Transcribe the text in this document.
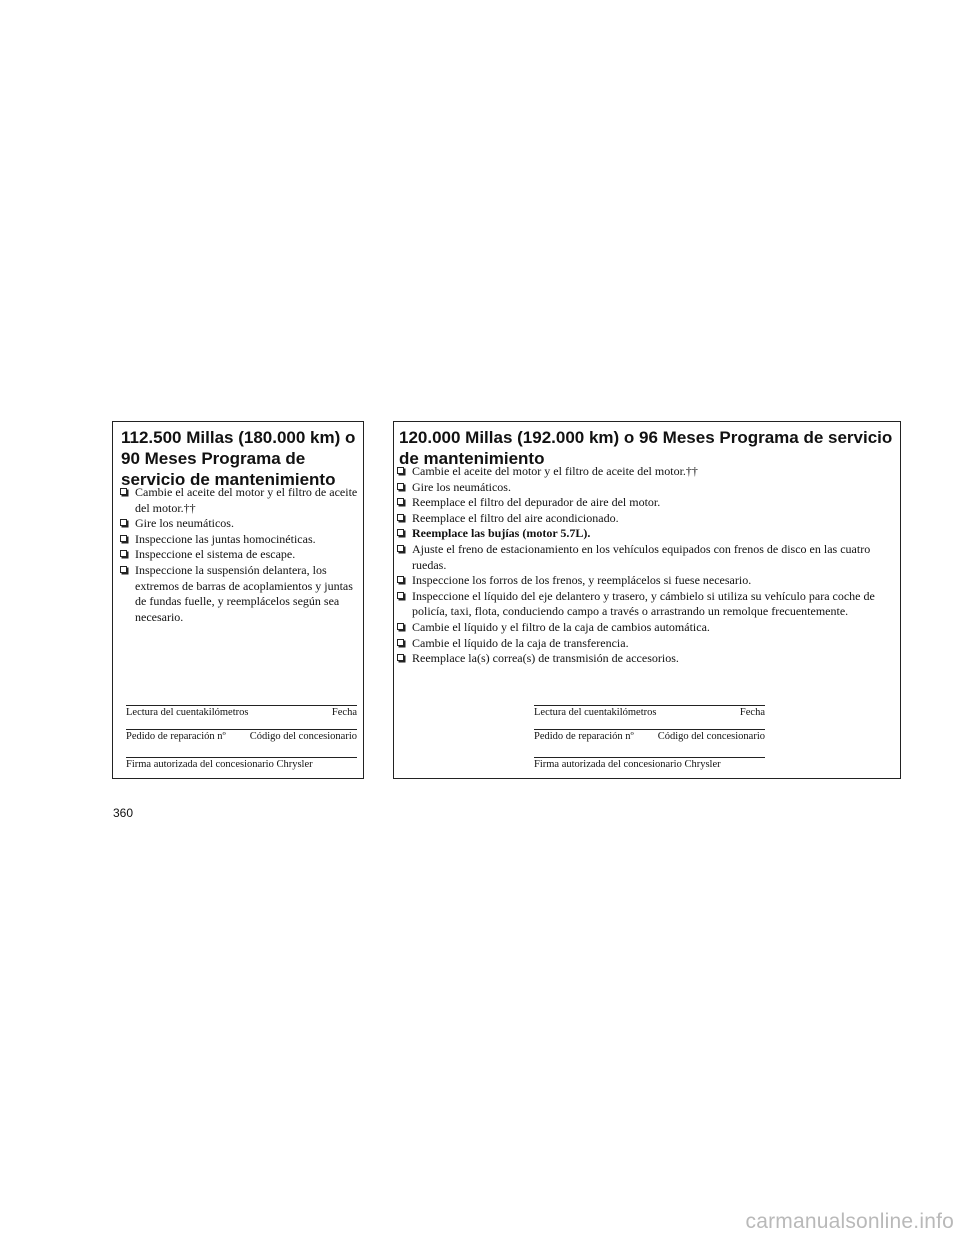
112.500 Millas (180.000 km) o 90 Meses Programa de servicio de mantenimiento
Cambie el aceite del motor y el filtro de aceite del motor.††
Gire los neumáticos.
Inspeccione las juntas homocinéticas.
Inspeccione el sistema de escape.
Inspeccione la suspensión delantera, los extremos de barras de acoplamientos y juntas de fundas fuelle, y reemplácelos según sea necesario.
Lectura del cuentakilómetros	Fecha
Pedido de reparación nº Código del concesionario
Firma autorizada del concesionario Chrysler
120.000 Millas (192.000 km) o 96 Meses Programa de servicio de mantenimiento
Cambie el aceite del motor y el filtro de aceite del motor.††
Gire los neumáticos.
Reemplace el filtro del depurador de aire del motor.
Reemplace el filtro del aire acondicionado.
Reemplace las bujías (motor 5.7L).
Ajuste el freno de estacionamiento en los vehículos equipados con frenos de disco en las cuatro ruedas.
Inspeccione los forros de los frenos, y reemplácelos si fuese necesario.
Inspeccione el líquido del eje delantero y trasero, y cámbielo si utiliza su vehículo para coche de policía, taxi, flota, conduciendo campo a través o arrastrando un remolque frecuentemente.
Cambie el líquido y el filtro de la caja de cambios automática.
Cambie el líquido de la caja de transferencia.
Reemplace la(s) correa(s) de transmisión de accesorios.
Lectura del cuentakilómetros	Fecha
Pedido de reparación nº Código del concesionario
Firma autorizada del concesionario Chrysler
360
carmanualsonline.info
